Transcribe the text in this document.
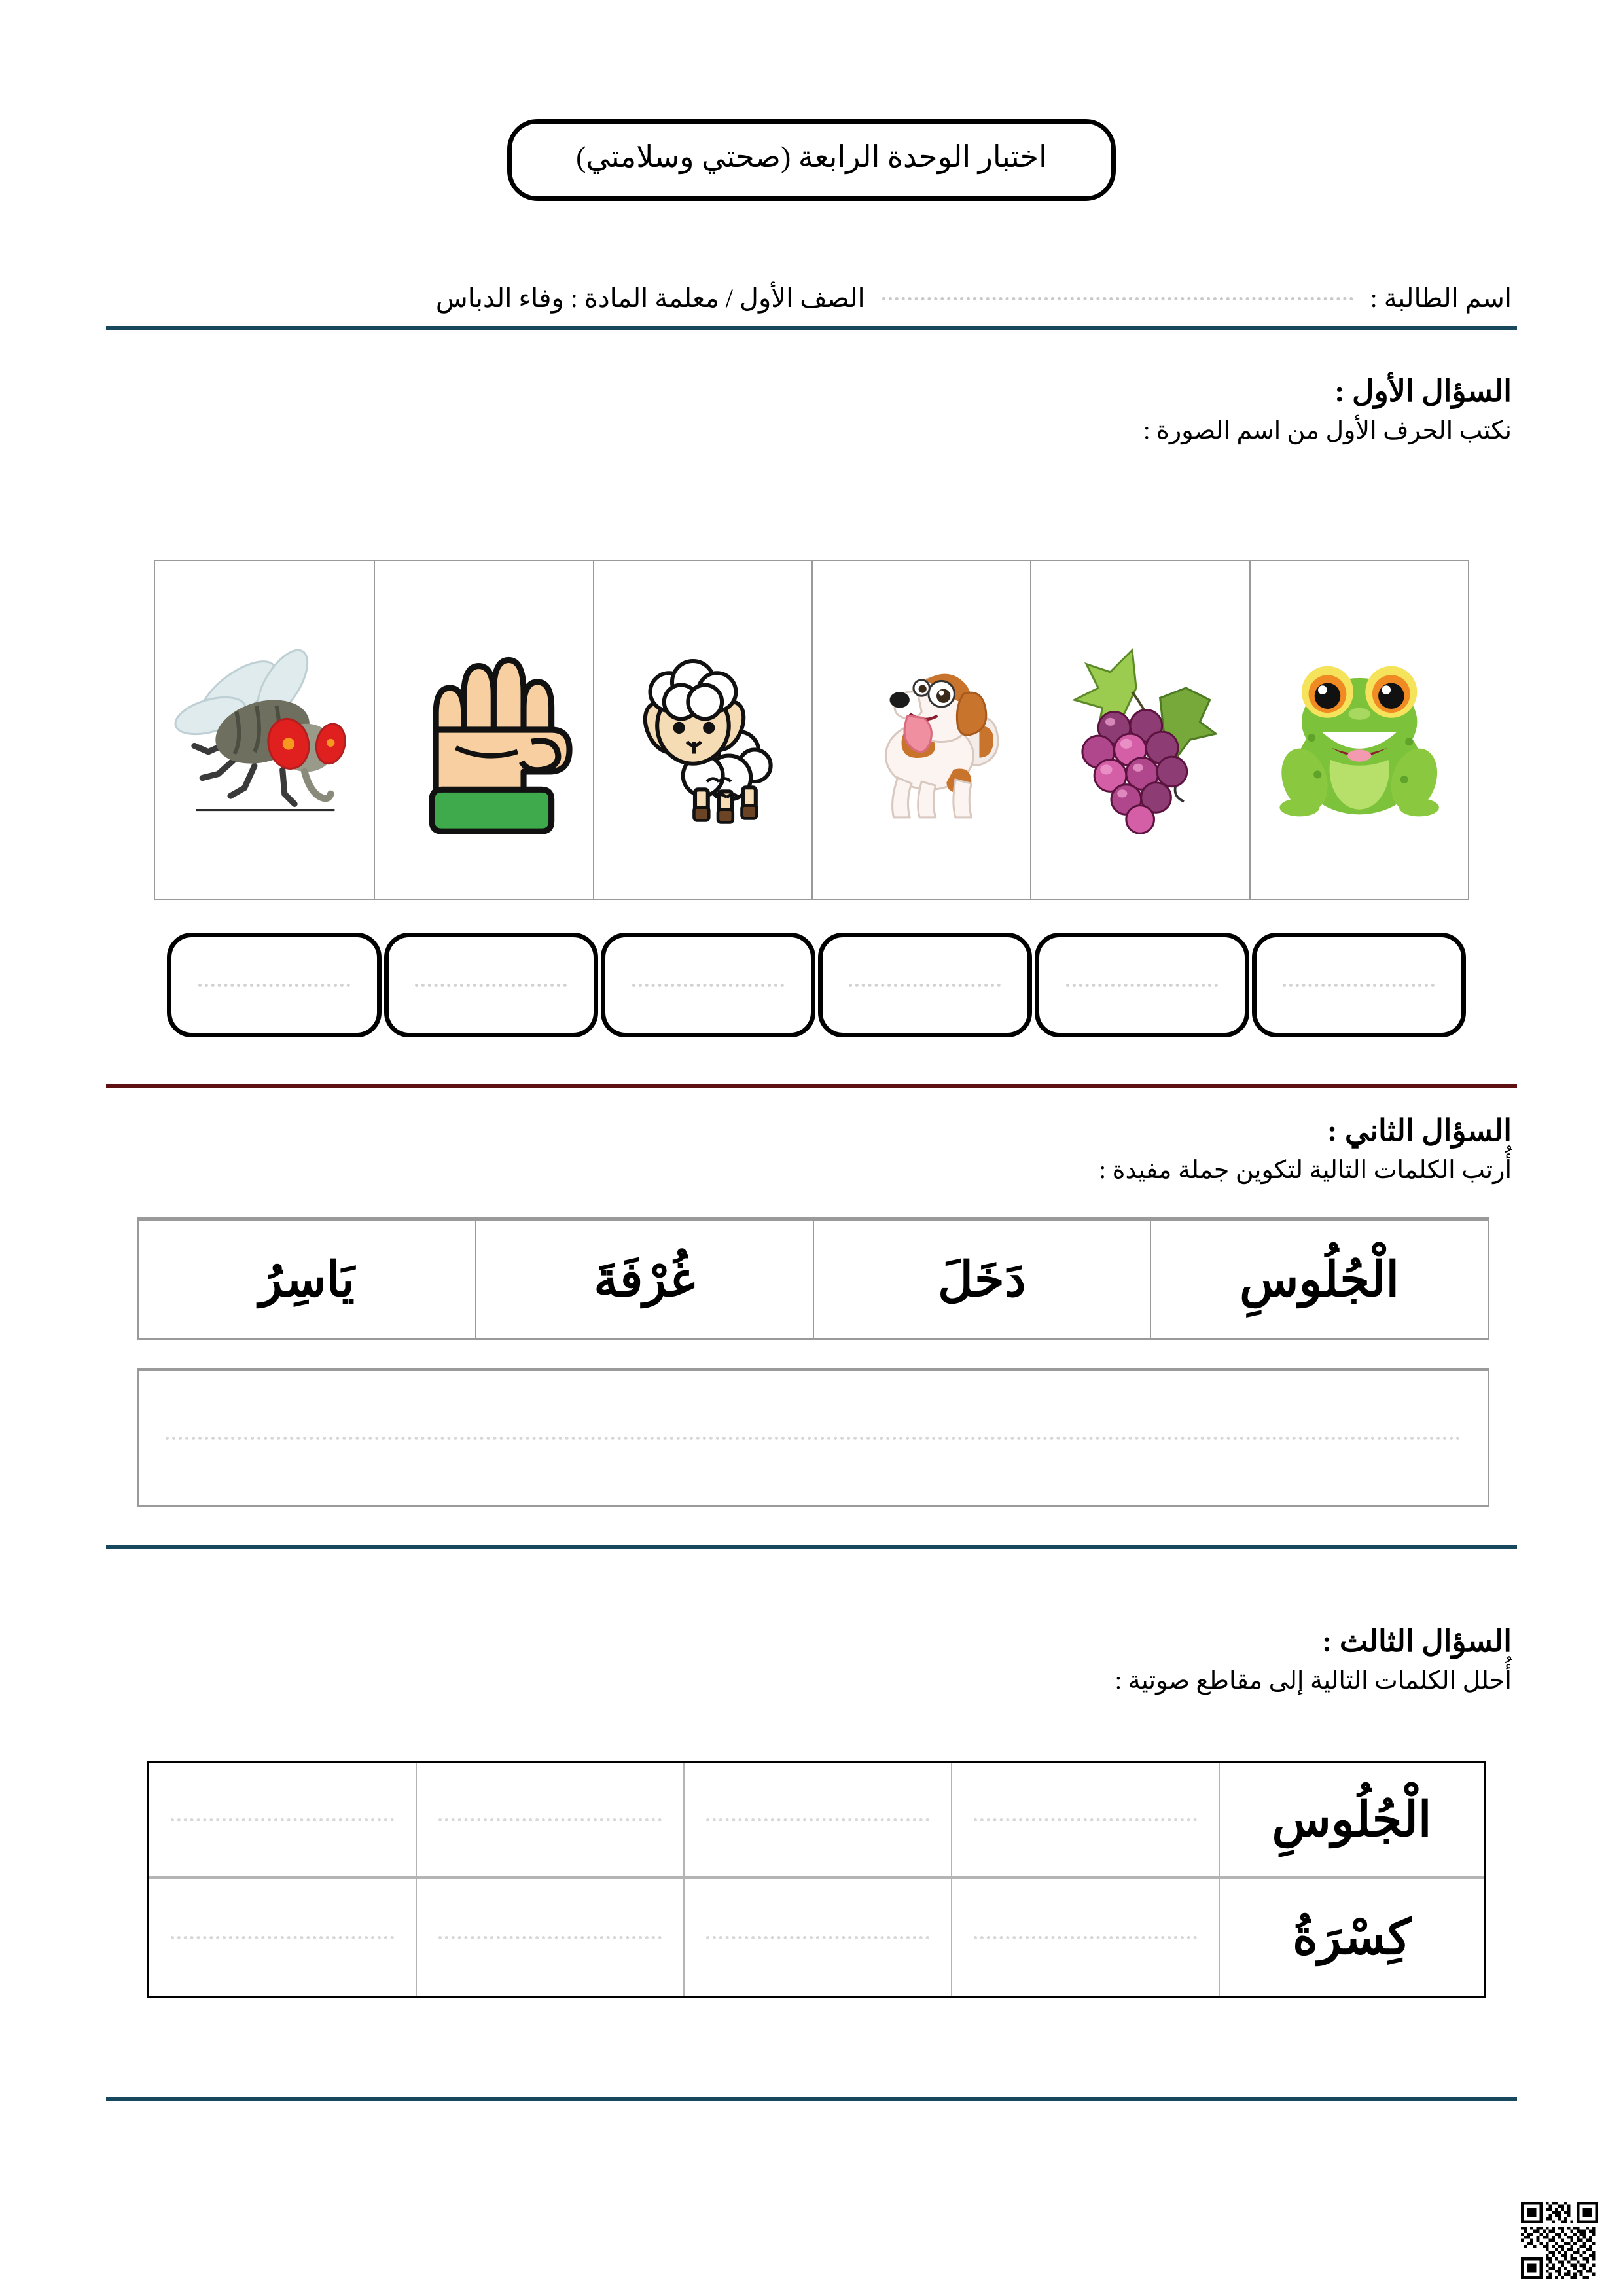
اختبار الوحدة الرابعة (صحتي وسلامتي)
اسم الطالبة :
الصف الأول / معلمة المادة : وفاء الدباس
السؤال الأول :
نكتب الحرف الأول من اسم الصورة :
السؤال الثاني :
أُرتب الكلمات التالية لتكوين جملة مفيدة :
الْجُلُوسِ
دَخَلَ
غُرْفَةَ
يَاسِرُ
السؤال الثالث :
أُحلل الكلمات التالية إلى مقاطع صوتية :
الْجُلُوسِ
كِسْرَةُ
